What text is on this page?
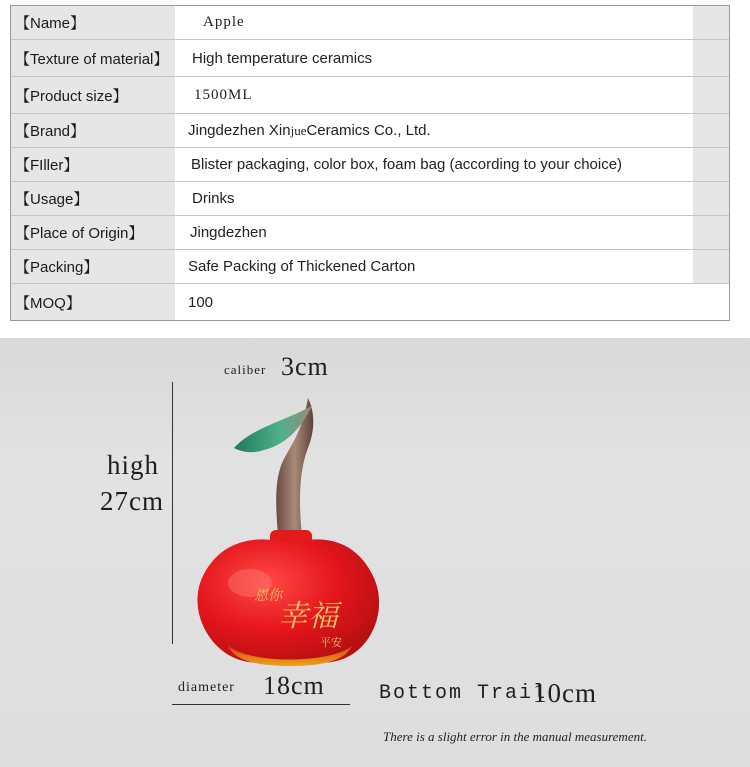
【Name】	Apple
【Texture of material】	High temperature ceramics
【Product size】	1500ML
【Brand】	Jingdezhen Xin jue Ceramics Co., Ltd.
【FIller】	Blister packaging, color box, foam bag (according to your choice)
【Usage】	Drinks
【Place of Origin】	Jingdezhen
【Packing】	Safe Packing of Thickened Carton
【MOQ】	100
caliber 3cm
high
27cm
恩你
幸福
平安
diameter 18cm	Bottom Trail
10cm
There is a slight error in the manual measurement.
